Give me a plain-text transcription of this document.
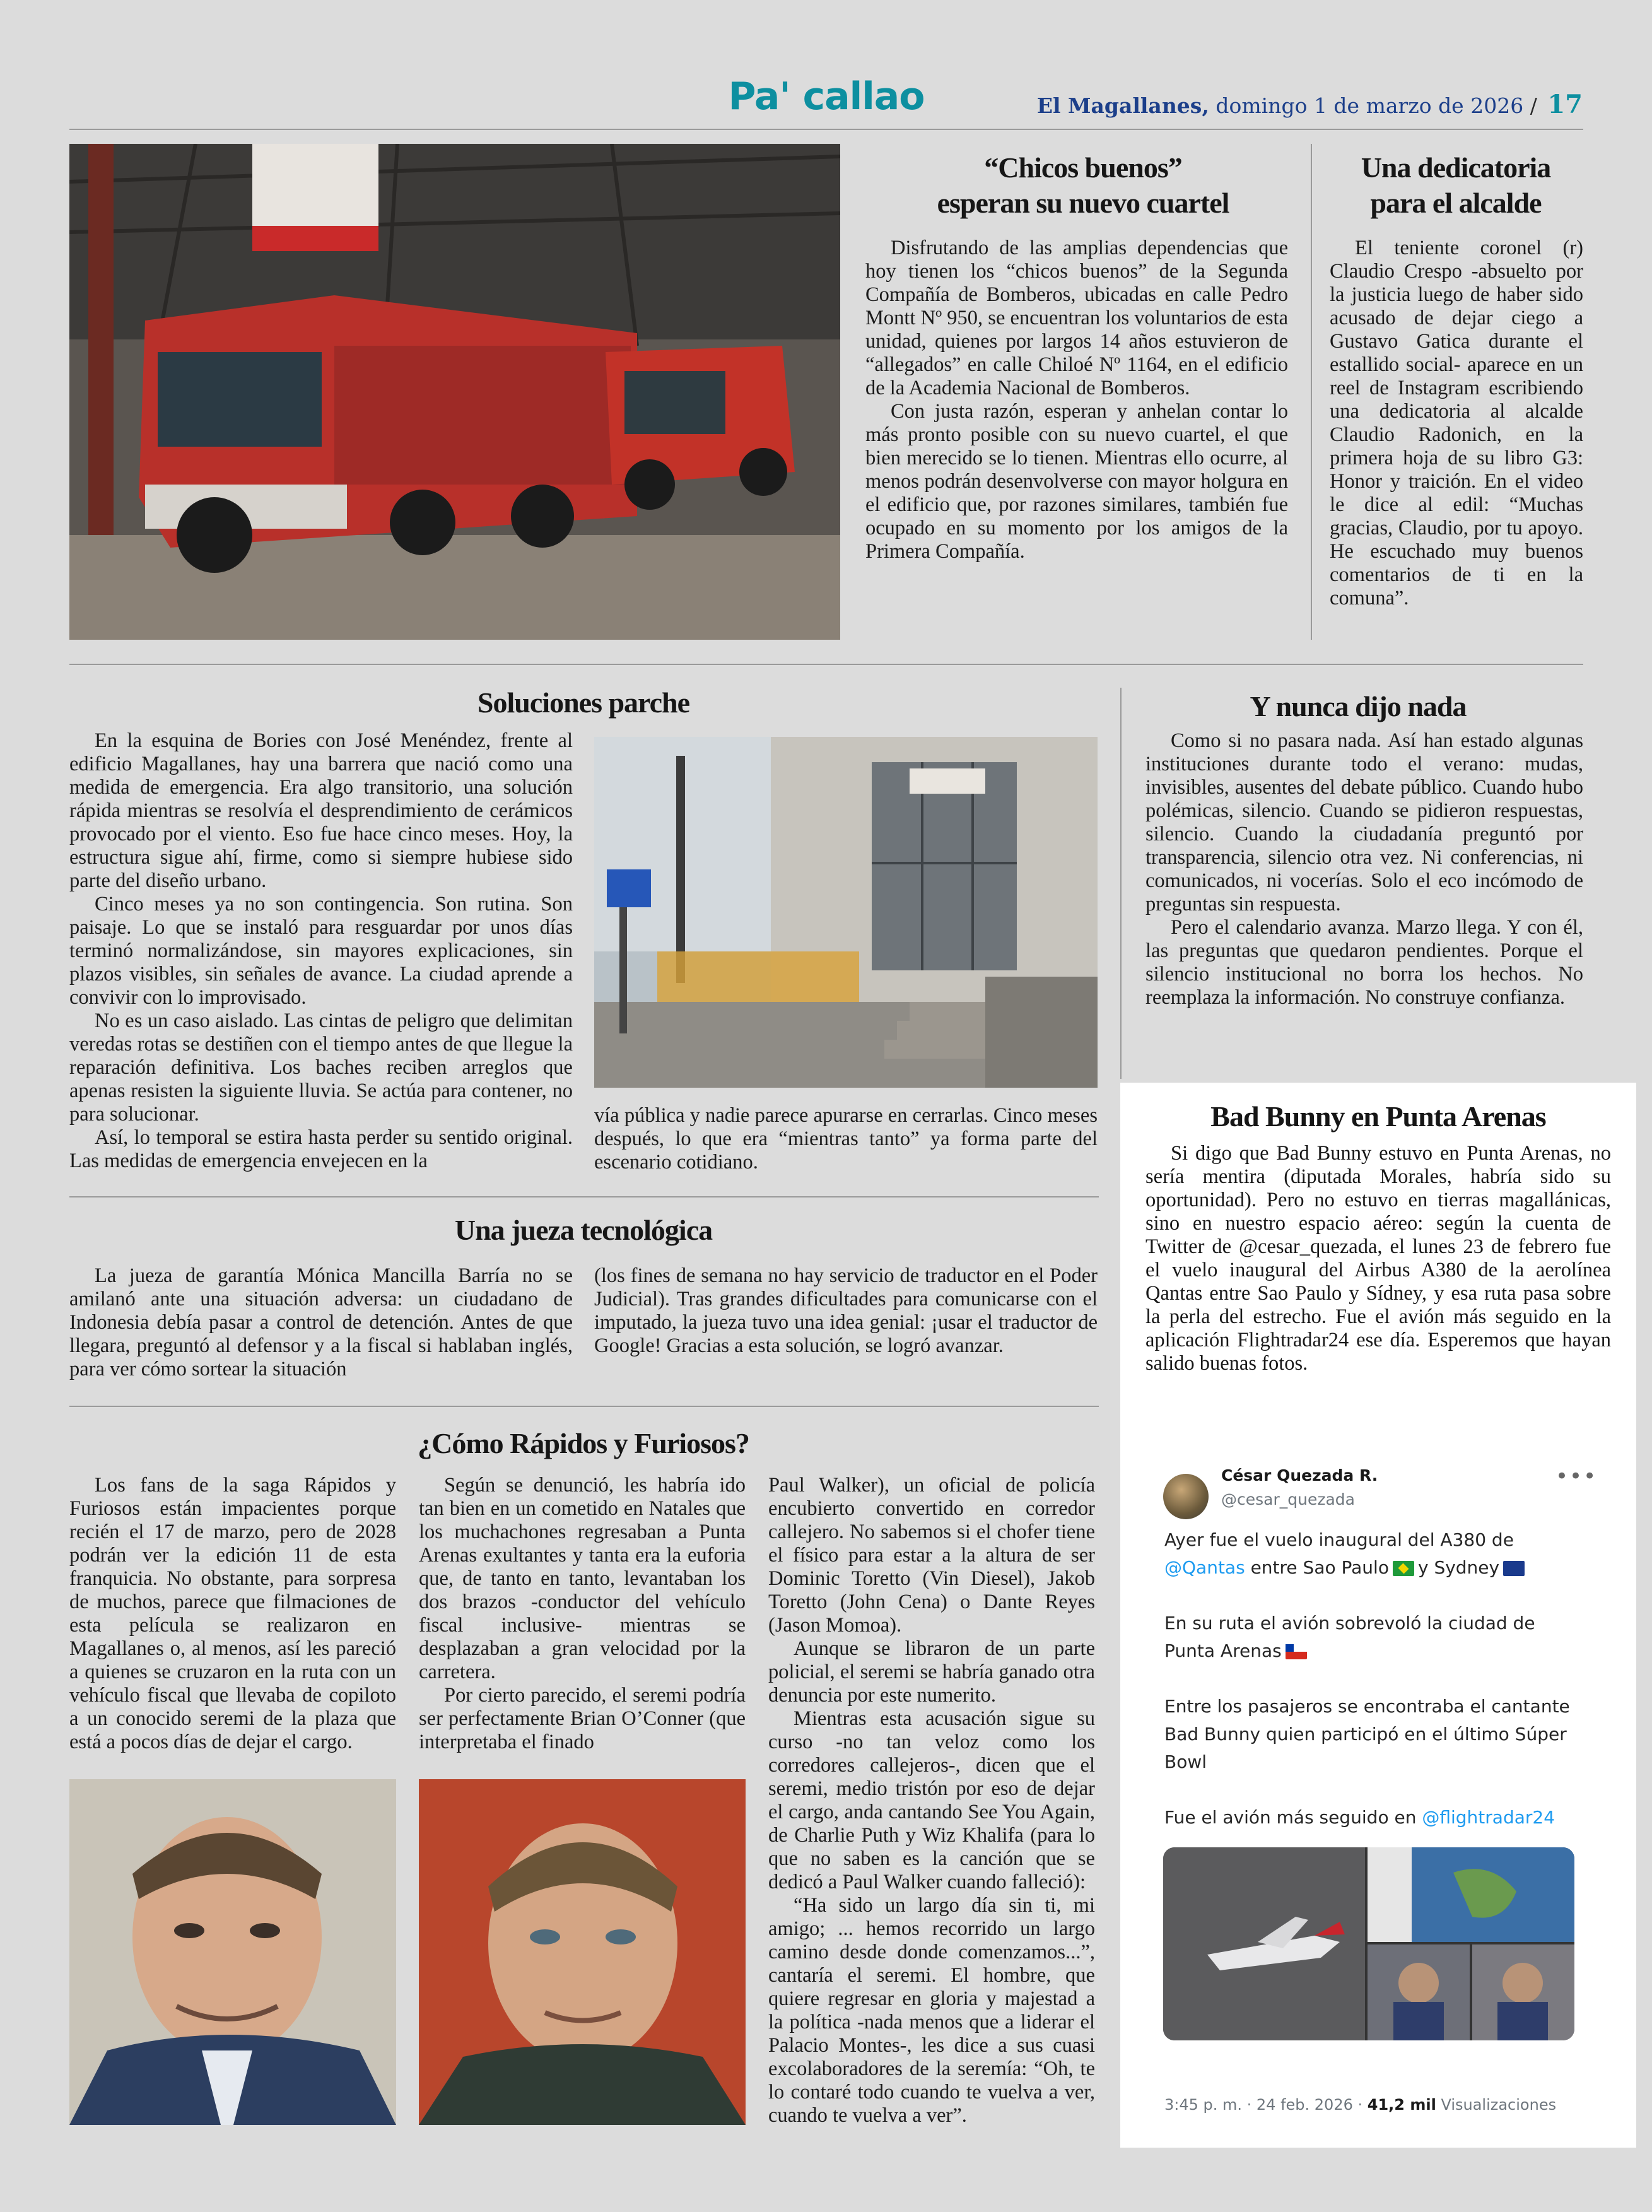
Pa' callao	El Magallanes, domingo 1 de marzo de 2026 / 17
“Chicos buenos”
esperan su nuevo cuartel

Disfrutando de las amplias dependencias que hoy tienen los “chicos buenos” de la Segunda Compañía de Bomberos, ubicadas en calle Pedro Montt Nº 950, se encuentran los voluntarios de esta unidad, quienes por largos 14 años estuvieron de “allegados” en calle Chiloé Nº 1164, en el edificio de la Academia Nacional de Bomberos.

Con justa razón, esperan y anhelan contar lo más pronto posible con su nuevo cuartel, el que bien merecido se lo tienen. Mientras ello ocurre, al menos podrán desenvolverse con mayor holgura en el edificio que, por razones similares, también fue ocupado en su momento por los amigos de la Primera Compañía.

Una dedicatoria
para el alcalde

El teniente coronel (r) Claudio Crespo -absuelto por la justicia luego de haber sido acusado de dejar ciego a Gustavo Gatica durante el estallido social- aparece en un reel de Instagram escribiendo una dedicatoria al alcalde Claudio Radonich, en la primera hoja de su libro G3: Honor y traición. En el video le dice al edil: “Muchas gracias, Claudio, por tu apoyo. He escuchado muy buenos comentarios de ti en la comuna”.

Soluciones parche

En la esquina de Bories con José Menéndez, frente al edificio Magallanes, hay una barrera que nació como una medida de emergencia. Era algo transitorio, una solución rápida mientras se resolvía el desprendimiento de cerámicos provocado por el viento. Eso fue hace cinco meses. Hoy, la estructura sigue ahí, firme, como si siempre hubiese sido parte del diseño urbano.

Cinco meses ya no son contingencia. Son rutina. Son paisaje. Lo que se instaló para resguardar por unos días terminó normalizándose, sin mayores explicaciones, sin plazos visibles, sin señales de avance. La ciudad aprende a convivir con lo improvisado.

No es un caso aislado. Las cintas de peligro que delimitan veredas rotas se destiñen con el tiempo antes de que llegue la reparación definitiva. Los baches reciben arreglos que apenas resisten la siguiente lluvia. Se actúa para contener, no para solucionar.

Así, lo temporal se estira hasta perder su sentido original. Las medidas de emergencia envejecen en la

vía pública y nadie parece apurarse en cerrarlas. Cinco meses después, lo que era “mientras tanto” ya forma parte del escenario cotidiano.

Y nunca dijo nada

Como si no pasara nada. Así han estado algunas instituciones durante todo el verano: mudas, invisibles, ausentes del debate público. Cuando hubo polémicas, silencio. Cuando se pidieron respuestas, silencio. Cuando la ciudadanía preguntó por transparencia, silencio otra vez. Ni conferencias, ni comunicados, ni vocerías. Solo el eco incómodo de preguntas sin respuesta.

Pero el calendario avanza. Marzo llega. Y con él, las preguntas que quedaron pendientes. Porque el silencio institucional no borra los hechos. No reemplaza la información. No construye confianza.

Una jueza tecnológica

La jueza de garantía Mónica Mancilla Barría no se amilanó ante una situación adversa: un ciudadano de Indonesia debía pasar a control de detención. Antes de que llegara, preguntó al defensor y a la fiscal si hablaban inglés, para ver cómo sortear la situación

(los fines de semana no hay servicio de traductor en el Poder Judicial). Tras grandes dificultades para comunicarse con el imputado, la jueza tuvo una idea genial: ¡usar el traductor de Google! Gracias a esta solución, se logró avanzar.

¿Cómo Rápidos y Furiosos?

Los fans de la saga Rápidos y Furiosos están impacientes porque recién el 17 de marzo, pero de 2028 podrán ver la edición 11 de esta franquicia. No obstante, para sorpresa de muchos, parece que filmaciones de esta película se realizaron en Magallanes o, al menos, así les pareció a quienes se cruzaron en la ruta con un vehículo fiscal que llevaba de copiloto a un conocido seremi de la plaza que está a pocos días de dejar el cargo.

Según se denunció, les habría ido tan bien en un cometido en Natales que los muchachones regresaban a Punta Arenas exultantes y tanta era la euforia que, de tanto en tanto, levantaban los dos brazos -conductor del vehículo fiscal inclusive- mientras se desplazaban a gran velocidad por la carretera.

Por cierto parecido, el seremi podría ser perfectamente Brian O’Conner (que interpretaba el finado

Paul Walker), un oficial de policía encubierto convertido en corredor callejero. No sabemos si el chofer tiene el físico para estar a la altura de ser Dominic Toretto (Vin Diesel), Jakob Toretto (John Cena) o Dante Reyes (Jason Momoa).

Aunque se libraron de un parte policial, el seremi se habría ganado otra denuncia por este numerito.

Mientras esta acusación sigue su curso -no tan veloz como los corredores callejeros-, dicen que el seremi, medio tristón por eso de dejar el cargo, anda cantando See You Again, de Charlie Puth y Wiz Khalifa (para lo que no saben es la canción que se dedicó a Paul Walker cuando falleció):

“Ha sido un largo día sin ti, mi amigo; ... hemos recorrido un largo camino desde donde comenzamos...”, cantaría el seremi. El hombre, que quiere regresar en gloria y majestad a la política -nada menos que a liderar el Palacio Montes-, les dice a sus cuasi excolaboradores de la seremía: “Oh, te lo contaré todo cuando te vuelva a ver, cuando te vuelva a ver”.

Bad Bunny en Punta Arenas

Si digo que Bad Bunny estuvo en Punta Arenas, no sería mentira (diputada Morales, habría sido su oportunidad). Pero no estuvo en tierras magallánicas, sino en nuestro espacio aéreo: según la cuenta de Twitter de @cesar_quezada, el lunes 23 de febrero fue el vuelo inaugural del Airbus A380 de la aerolínea Qantas entre Sao Paulo y Sídney, y esa ruta pasa sobre la perla del estrecho. Fue el avión más seguido en la aplicación Flightradar24 ese día. Esperemos que hayan salido buenas fotos.

César Quezada R.
@cesar_quezada
•••
Ayer fue el vuelo inaugural del A380 de
@Qantas entre Sao Paulo y Sydney
En su ruta el avión sobrevoló la ciudad de
Punta Arenas
Entre los pasajeros se encontraba el cantante
Bad Bunny quien participó en el último Súper
Bowl
Fue el avión más seguido en @flightradar24
3:45 p. m. · 24 feb. 2026 · 41,2 mil Visualizaciones
